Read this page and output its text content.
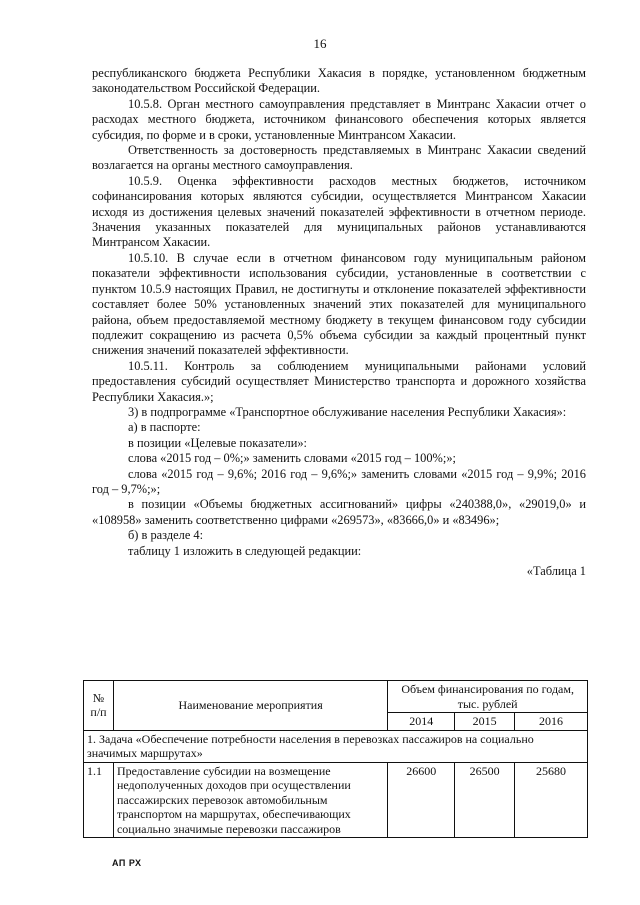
16

республиканского бюджета Республики Хакасия в порядке, установленном бюджетным законодательством Российской Федерации.

10.5.8. Орган местного самоуправления представляет в Минтранс Хакасии отчет о расходах местного бюджета, источником финансового обеспечения которых является субсидия, по форме и в сроки, установленные Минтрансом Хакасии.

Ответственность за достоверность представляемых в Минтранс Хакасии сведений возлагается на органы местного самоуправления.

10.5.9. Оценка эффективности расходов местных бюджетов, источником софинансирования которых являются субсидии, осуществляется Минтрансом Хакасии исходя из достижения целевых значений показателей эффективности в отчетном периоде. Значения указанных показателей для муниципальных районов устанавливаются Минтрансом Хакасии.

10.5.10. В случае если в отчетном финансовом году муниципальным районом показатели эффективности использования субсидии, установленные в соответствии с пунктом 10.5.9 настоящих Правил, не достигнуты и отклонение показателей эффективности составляет более 50% установленных значений этих показателей для муниципального района, объем предоставляемой местному бюджету в текущем финансовом году субсидии подлежит сокращению из расчета 0,5% объема субсидии за каждый процентный пункт снижения значений показателей эффективности.

10.5.11. Контроль за соблюдением муниципальными районами условий предоставления субсидий осуществляет Министерство транспорта и дорожного хозяйства Республики Хакасия.»;

3) в подпрограмме «Транспортное обслуживание населения Республики Хакасия»:

а) в паспорте:

в позиции «Целевые показатели»:

слова «2015 год – 0%;» заменить словами «2015 год – 100%;»;

слова «2015 год – 9,6%; 2016 год – 9,6%;» заменить словами «2015 год – 9,9%; 2016 год – 9,7%;»;

в позиции «Объемы бюджетных ассигнований» цифры «240388,0», «29019,0» и «108958» заменить соответственно цифрами «269573», «83666,0» и «83496»;

б) в разделе 4:

таблицу 1 изложить в следующей редакции:

«Таблица 1

№ п/п	Наименование мероприятия	Объем финансирования по годам, тыс. рублей		
		2014	2015	2016
1. Задача «Обеспечение потребности населения в перевозках пассажиров на социально значимых маршрутах»				
1.1	Предоставление субсидии на возмещение недополученных доходов при осуществлении пассажирских перевозок автомобильным транспортом на маршрутах, обеспечивающих социально значимые перевозки пассажиров	26600	26500	25680
АП РХ
